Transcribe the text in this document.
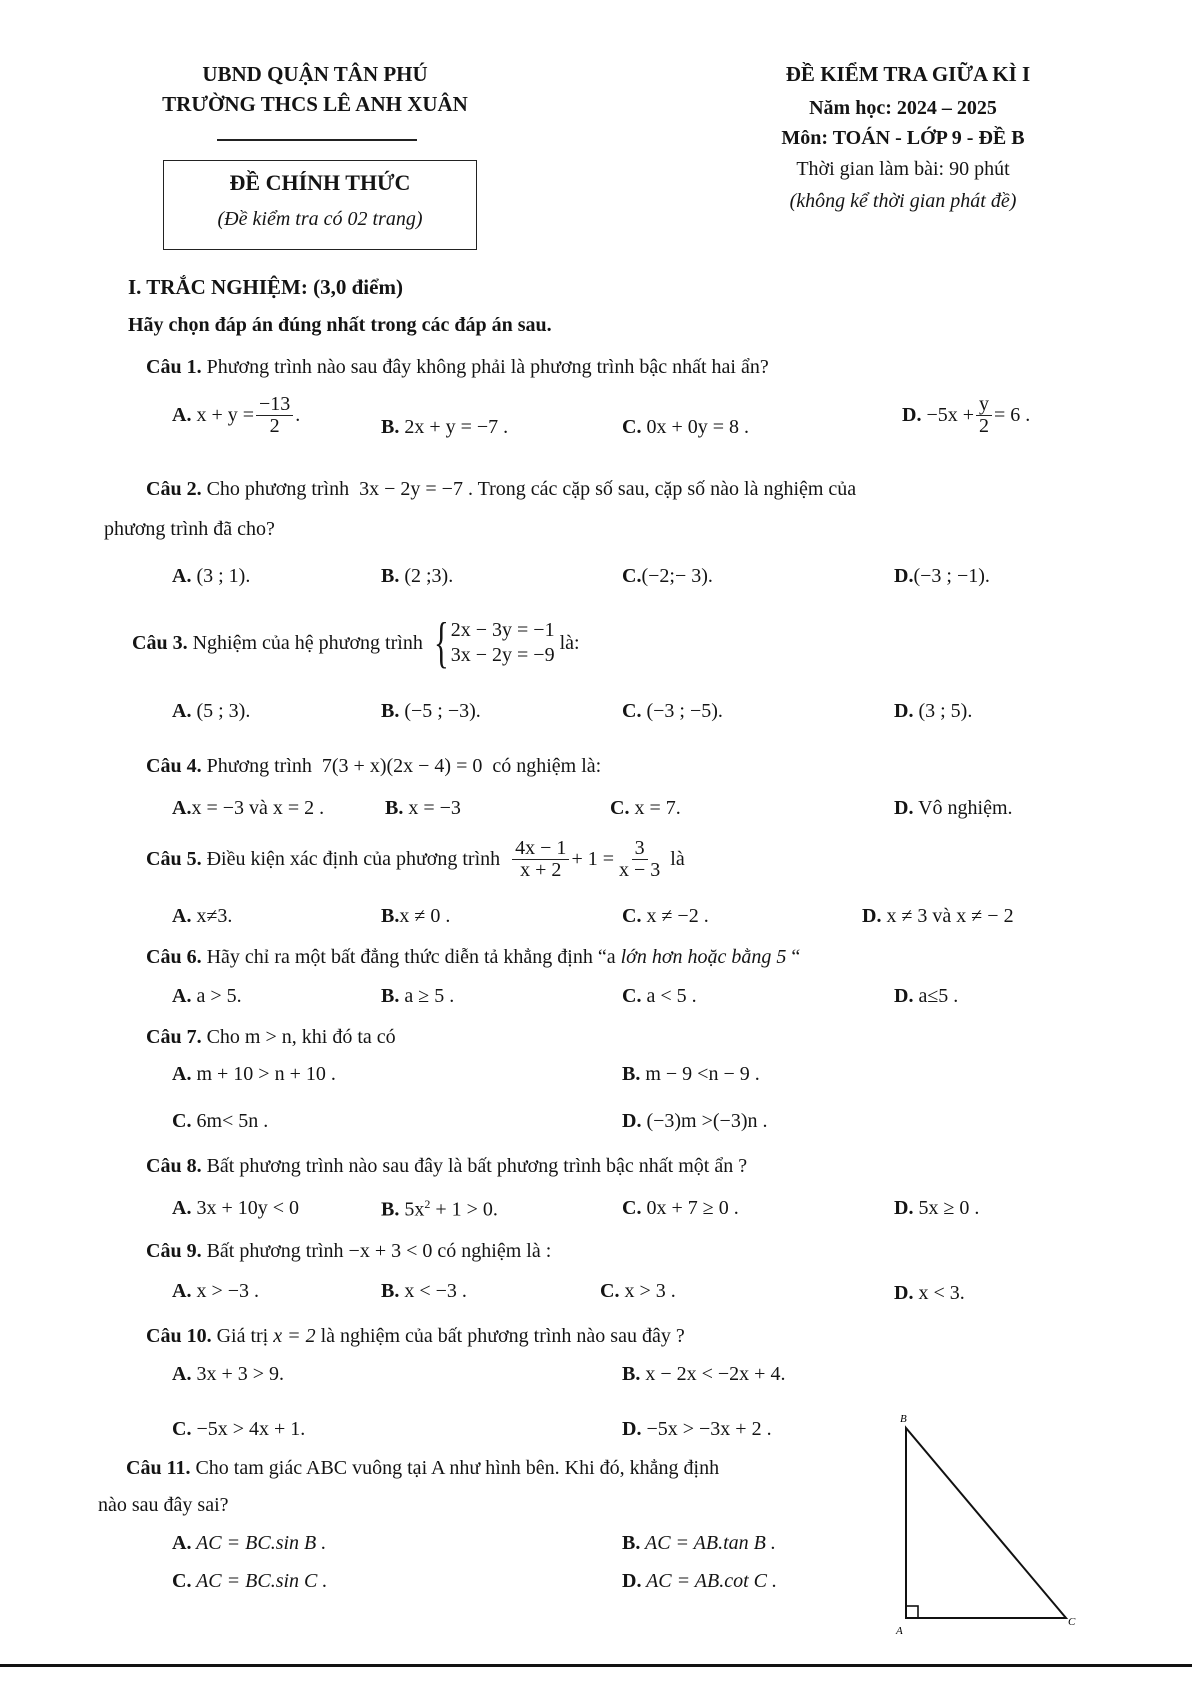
UBND QUẬN TÂN PHÚ
TRƯỜNG THCS LÊ ANH XUÂN
ĐỀ CHÍNH THỨC
(Đề kiểm tra có 02 trang)
ĐỀ KIỂM TRA GIỮA KÌ I
Năm học: 2024 – 2025
Môn: TOÁN - LỚP 9 - ĐỀ B
Thời gian làm bài: 90 phút
(không kể thời gian phát đề)
I. TRẮC NGHIỆM: (3,0 điểm)
Hãy chọn đáp án đúng nhất trong các đáp án sau.
Câu 1. Phương trình nào sau đây không phải là phương trình bậc nhất hai ẩn?
A.
$x + y = \frac{-13}{2}$ .
B. 2x + y = −7 .	C. 0x + 0y = 8 .
D.
$-5x + \frac{y}{2} = 6$ .
Câu 2. Cho phương trình 3x − 2y = −7 . Trong các cặp số sau, cặp số nào là nghiệm của
phương trình đã cho?
A. (3 ; 1).	B. (2 ;3).	C.(−2;− 3).	D.(−3 ; −1).
Câu 3.
Nghiệm của hệ phương trình
{ 2x − 3y = −1
3x − 2y = −9

là:
A. (5 ; 3).	B. (−5 ; −3).	C. (−3 ; −5).	D. (3 ; 5).
Câu 4. Phương trình 7(3 + x)(2x − 4) = 0 có nghiệm là:
A.x = −3 và x = 2 .	B. x = −3	C. x = 7.	D. Vô nghiệm.
Câu 5.
Điều kiện xác định của phương trình
$\frac{4x - 1}{x + 2} + 1 = \frac{3}{x - 3}$
là
A. x≠3.	B.x ≠ 0 .	C. x ≠ −2 .	D. x ≠ 3 và x ≠ − 2
Câu 6. Hãy chỉ ra một bất đẳng thức diễn tả khẳng định “a lớn hơn hoặc bằng 5 “
A. a > 5.	B. a ≥ 5 .	C. a < 5 .	D. a≤5 .
Câu 7. Cho m > n, khi đó ta có
A. m + 10 > n + 10 .	B. m − 9 <n − 9 .
C. 6m< 5n .	D. (−3)m >(−3)n .
Câu 8. Bất phương trình nào sau đây là bất phương trình bậc nhất một ẩn ?
A. 3x + 10y < 0	B. $5x^2 + 1 > 0$.	C. 0x + 7 ≥ 0 .	D. 5x ≥ 0 .
Câu 9. Bất phương trình −x + 3 < 0 có nghiệm là :
A. x > −3 .	B. x < −3 .	C. x > 3 .	D. x < 3.
Câu 10. Giá trị x = 2 là nghiệm của bất phương trình nào sau đây ?
A. 3x + 3 > 9.	B. x − 2x < −2x + 4.
C. −5x > 4x + 1.	D. −5x > −3x + 2 .
Câu 11. Cho tam giác ABC vuông tại A như hình bên. Khi đó, khẳng định
nào sau đây sai?
A. AC = BC.sin B .	B. AC = AB.tan B .
C. AC = BC.sin C .	D. AC = AB.cot C .
B
A
C
